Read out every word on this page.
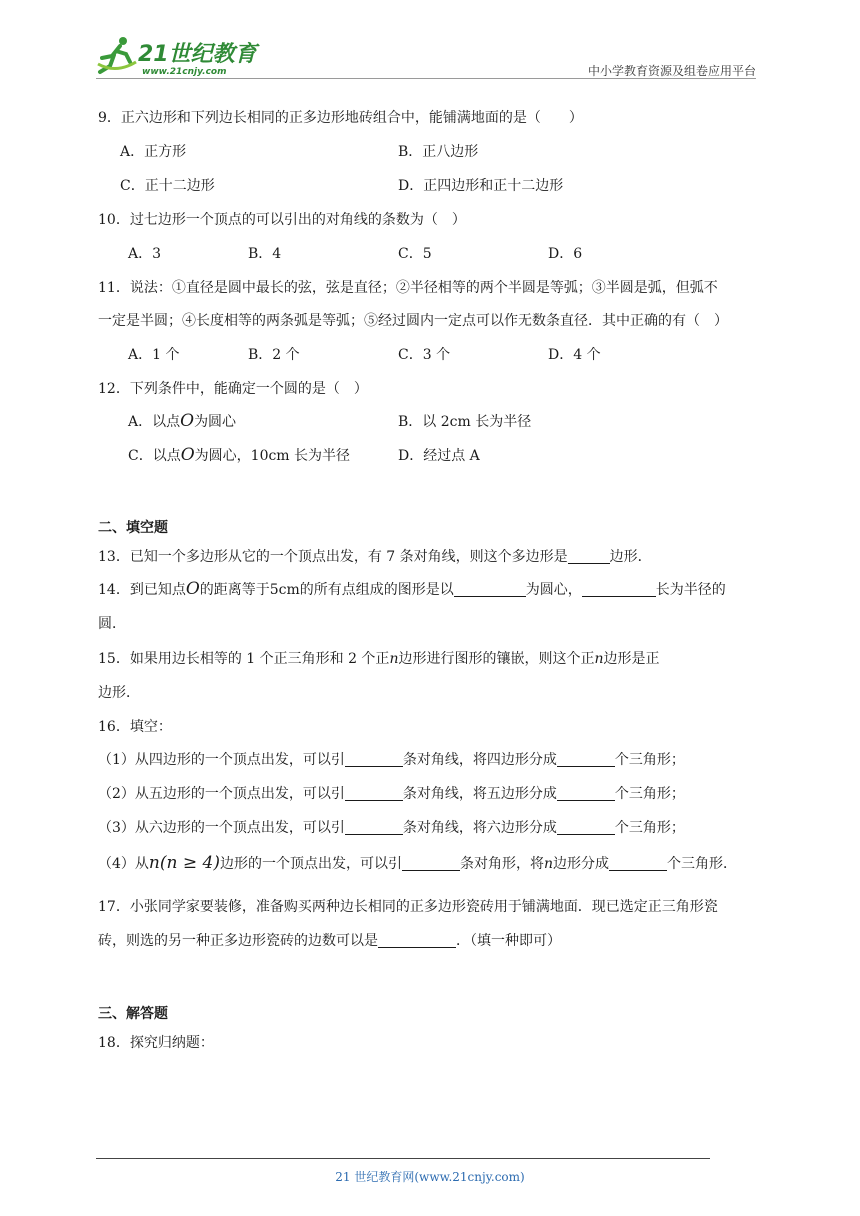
21世纪教育
www.21cnjy.com	中小学教育资源及组卷应用平台
9．正六边形和下列边长相同的正多边形地砖组合中，能铺满地面的是（　　）
A．正方形	B．正八边形
C．正十二边形	D．正四边形和正十二边形
10．过七边形一个顶点的可以引出的对角线的条数为（　）
A．3	B．4	C．5	D．6
11．说法：①直径是圆中最长的弦，弦是直径；②半径相等的两个半圆是等弧；③半圆是弧，但弧不
一定是半圆；④长度相等的两条弧是等弧；⑤经过圆内一定点可以作无数条直径．其中正确的有（　）
A．1 个	B．2 个	C．3 个	D．4 个
12．下列条件中，能确定一个圆的是（　）
A．以点O为圆心	B．以 2cm 长为半径
C．以点O为圆心，10cm 长为半径	D．经过点 A
二、填空题
13．已知一个多边形从它的一个顶点出发，有 7 条对角线，则这个多边形是	边形．
14．到已知点O的距离等于5cm的所有点组成的图形是以	为圆心，	长为半径的
圆．
15．如果用边长相等的 1 个正三角形和 2 个正n边形进行图形的镶嵌，则这个正n边形是正
边形．
16．填空：
（1）从四边形的一个顶点出发，可以引	条对角线，将四边形分成	个三角形；
（2）从五边形的一个顶点出发，可以引	条对角线，将五边形分成	个三角形；
（3）从六边形的一个顶点出发，可以引	条对角线，将六边形分成	个三角形；
（4）从n(n ≥ 4)边形的一个顶点出发，可以引	条对角形，将n边形分成	个三角形．
17．小张同学家要装修，准备购买两种边长相同的正多边形瓷砖用于铺满地面．现已选定正三角形瓷
砖，则选的另一种正多边形瓷砖的边数可以是	．（填一种即可）
三、解答题
18．探究归纳题：
21 世纪教育网(www.21cnjy.com)
